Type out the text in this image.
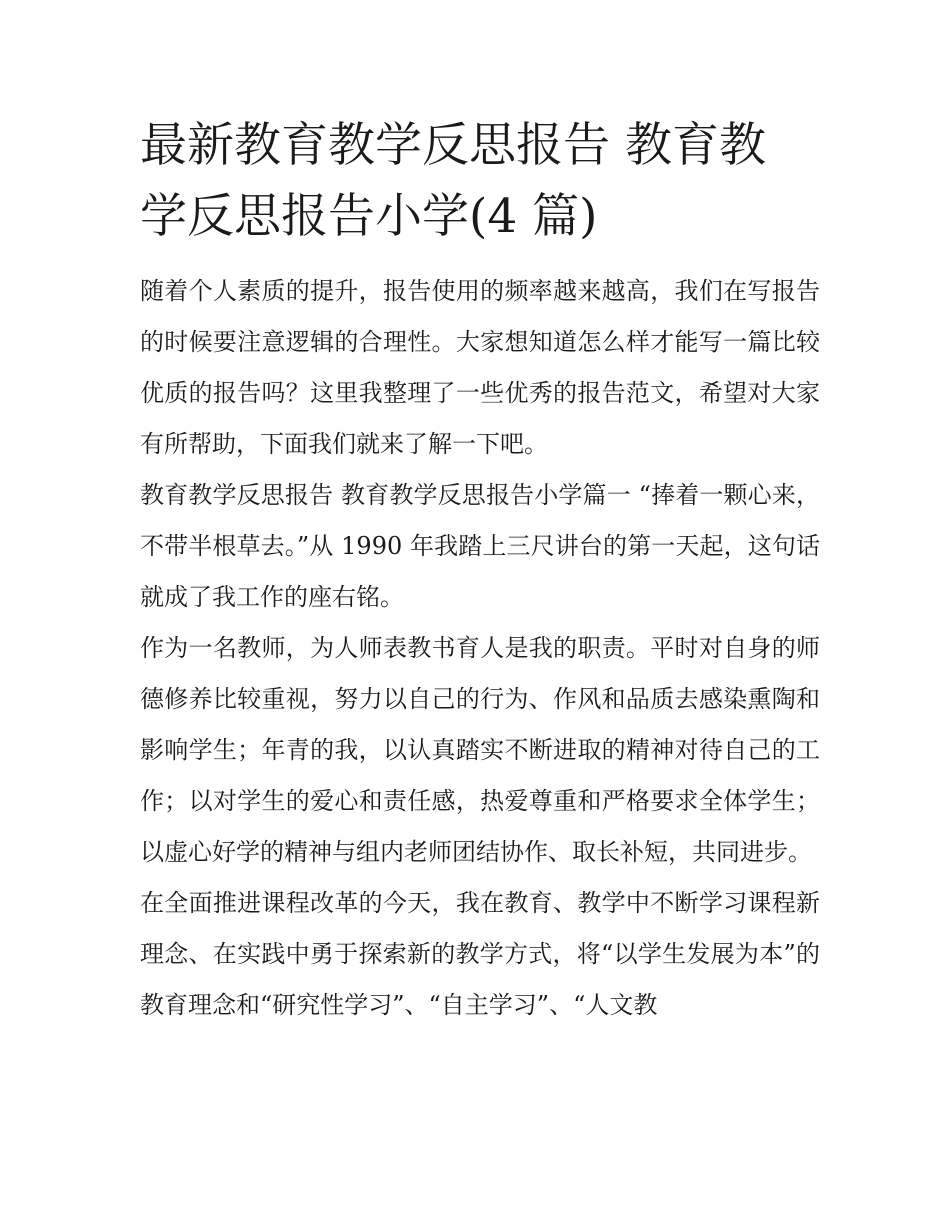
最新教育教学反思报告 教育教
学反思报告小学(4 篇)

随着个人素质的提升，报告使用的频率越来越高，我们在写报告的时候要注意逻辑的合理性。大家想知道怎么样才能写一篇比较优质的报告吗？这里我整理了一些优秀的报告范文，希望对大家有所帮助，下面我们就来了解一下吧。

教育教学反思报告 教育教学反思报告小学篇一 “捧着一颗心来，不带半根草去。”从 1990 年我踏上三尺讲台的第一天起，这句话就成了我工作的座右铭。

作为一名教师，为人师表教书育人是我的职责。平时对自身的师德修养比较重视，努力以自己的行为、作风和品质去感染熏陶和影响学生；年青的我，以认真踏实不断进取的精神对待自己的工作；以对学生的爱心和责任感，热爱尊重和严格要求全体学生；以虚心好学的精神与组内老师团结协作、取长补短，共同进步。

在全面推进课程改革的今天，我在教育、教学中不断学习课程新理念、在实践中勇于探索新的教学方式，将“以学生发展为本”的教育理念和“研究性学习”、“自主学习”、“人文教
